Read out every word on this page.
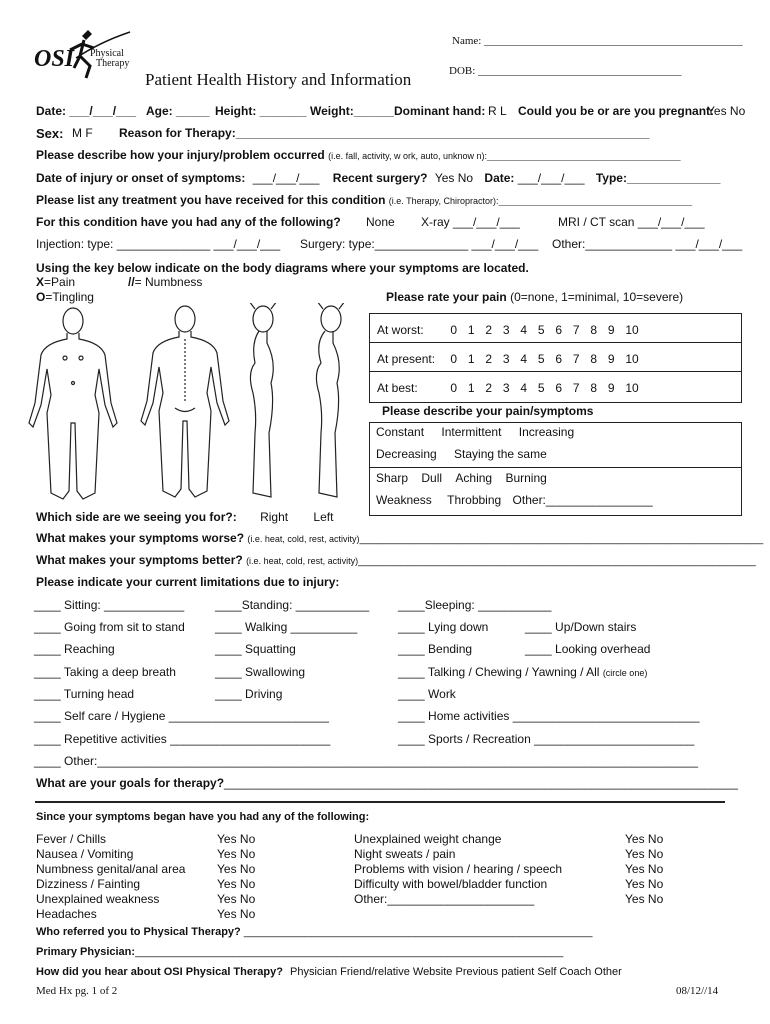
OSI Physical
Therapy
Patient Health History and Information
Name: _______________________________________________
DOB: _____________________________________
Date: ___/___/___ Age: _____ Height: _______ Weight:______ Dominant hand: R L Could you be or are you pregnant:
Yes No
Sex: M F Reason for Therapy:______________________________________________________________
Please describe how your injury/problem occurred (i.e. fall, activity, w ork, auto, unknow n):_____________________________
Date of injury or onset of symptoms: ___/___/___ Recent surgery? Yes No Date: ___/___/___ Type:______________
Please list any treatment you have received for this condition (i.e. Therapy, Chiropractor):_____________________________
For this condition have you had any of the following? None X-ray ___/___/___	MRI / CT scan ___/___/___
Injection: type: ______________ ___/___/___ Surgery: type:______________ ___/___/___ Other:_____________ ___/___/___
Using the key below indicate on the body diagrams where your symptoms are located.
X=Pain	//= Numbness
O=Tingling	Please rate your pain (0=none, 1=minimal, 10=severe)
At worst: 0 1 2 3 4 5 6 7 8 9 10
At present: 0 1 2 3 4 5 6 7 8 9 10
At best:	0 1 2 3 4 5 6 7 8 9 10
Please describe your pain/symptoms
Constant Intermittent Increasing
Decreasing Staying the same
Sharp Dull Aching Burning
Weakness Throbbing Other:________________
Which side are we seeing you for?: Right Left
What makes your symptoms worse? (i.e. heat, cold, rest, activity)__________________________________________________________________
What makes your symptoms better? (i.e. heat, cold, rest, activity)_________________________________________________________________
Please indicate your current limitations due to injury:
____ Sitting: ____________	____Standing: ___________ ____Sleeping: ___________
____ Going from sit to stand	____ Walking __________	____ Lying down	____ Up/Down stairs
____ Reaching	____ Squatting	____ Bending	____ Looking overhead
____ Taking a deep breath	____ Swallowing	____ Talking / Chewing / Yawning / All (circle one)
____ Turning head	____ Driving	____ Work
____ Self care / Hygiene ________________________	____ Home activities ____________________________
____ Repetitive activities ________________________	____ Sports / Recreation ________________________
____ Other:__________________________________________________________________________________________
What are your goals for therapy?_____________________________________________________________________________
Since your symptoms began have you had any of the following:
Fever / Chills	Yes No
Nausea / Vomiting	Yes No
Numbness genital/anal area	Yes No
Dizziness / Fainting	Yes No
Unexplained weakness	Yes No
Headaches	Yes No
Unexplained weight change	Yes No
Night sweats / pain	Yes No
Problems with vision / hearing / speech	Yes No
Difficulty with bowel/bladder function	Yes No
Other:______________________	Yes No
Who referred you to Physical Therapy? _________________________________________________________
Primary Physician:______________________________________________________________________
How did you hear about OSI Physical Therapy? Physician Friend/relative Website Previous patient Self Coach Other
Med Hx pg. 1 of 2	08/12//14
